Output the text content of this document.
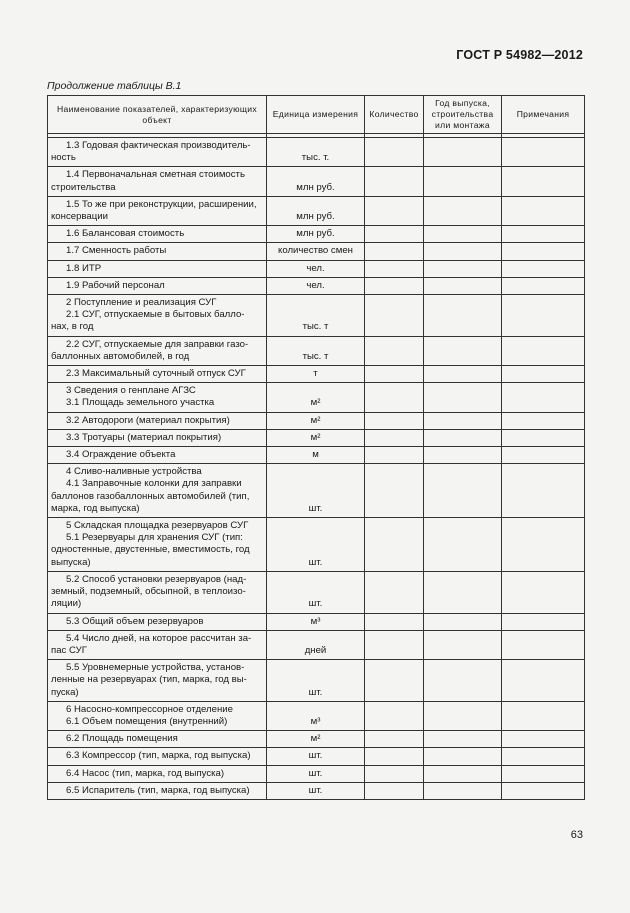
ГОСТ Р 54982—2012
Продолжение таблицы В.1
Наименование показателей, характеризующих объект	Единица измерения	Количество	Год выпуска, строительства или монтажа	Примечания

1.3 Годовая фактическая производитель-
ность	тыс. т.			

1.4 Первоначальная сметная стоимость
строительства	млн руб.			

1.5 То же при реконструкции, расширении,
консервации	млн руб.			

1.6 Балансовая стоимость	млн руб.			

1.7 Сменность работы	количество смен			

1.8 ИТР	чел.			

1.9 Рабочий персонал	чел.			

2 Поступление и реализация СУГ
2.1 СУГ, отпускаемые в бытовых балло-
нах, в год	тыс. т			

2.2 СУГ, отпускаемые для заправки газо-
баллонных автомобилей, в год	тыс. т			

2.3 Максимальный суточный отпуск СУГ	т			

3 Сведения о генплане АГЗС
3.1 Площадь земельного участка	м²			

3.2 Автодороги (материал покрытия)	м²			

3.3 Тротуары (материал покрытия)	м²			

3.4 Ограждение объекта	м			

4 Сливо-наливные устройства
4.1 Заправочные колонки для заправки
баллонов газобаллонных автомобилей (тип,
марка, год выпуска)	шт.			

5 Складская площадка резервуаров СУГ
5.1 Резервуары для хранения СУГ (тип:
одностенные, двустенные, вместимость, год
выпуска)	шт.			

5.2 Способ установки резервуаров (над-
земный, подземный, обсыпной, в теплоизо-
ляции)	шт.			

5.3 Общий объем резервуаров	м³			

5.4 Число дней, на которое рассчитан за-
пас СУГ	дней			

5.5 Уровнемерные устройства, установ-
ленные на резервуарах (тип, марка, год вы-
пуска)	шт.			

6 Насосно-компрессорное отделение
6.1 Объем помещения (внутренний)	м³			

6.2 Площадь помещения	м²			

6.3 Компрессор (тип, марка, год выпуска)	шт.			

6.4 Насос (тип, марка, год выпуска)	шт.			

6.5 Испаритель (тип, марка, год выпуска)	шт.			
63
